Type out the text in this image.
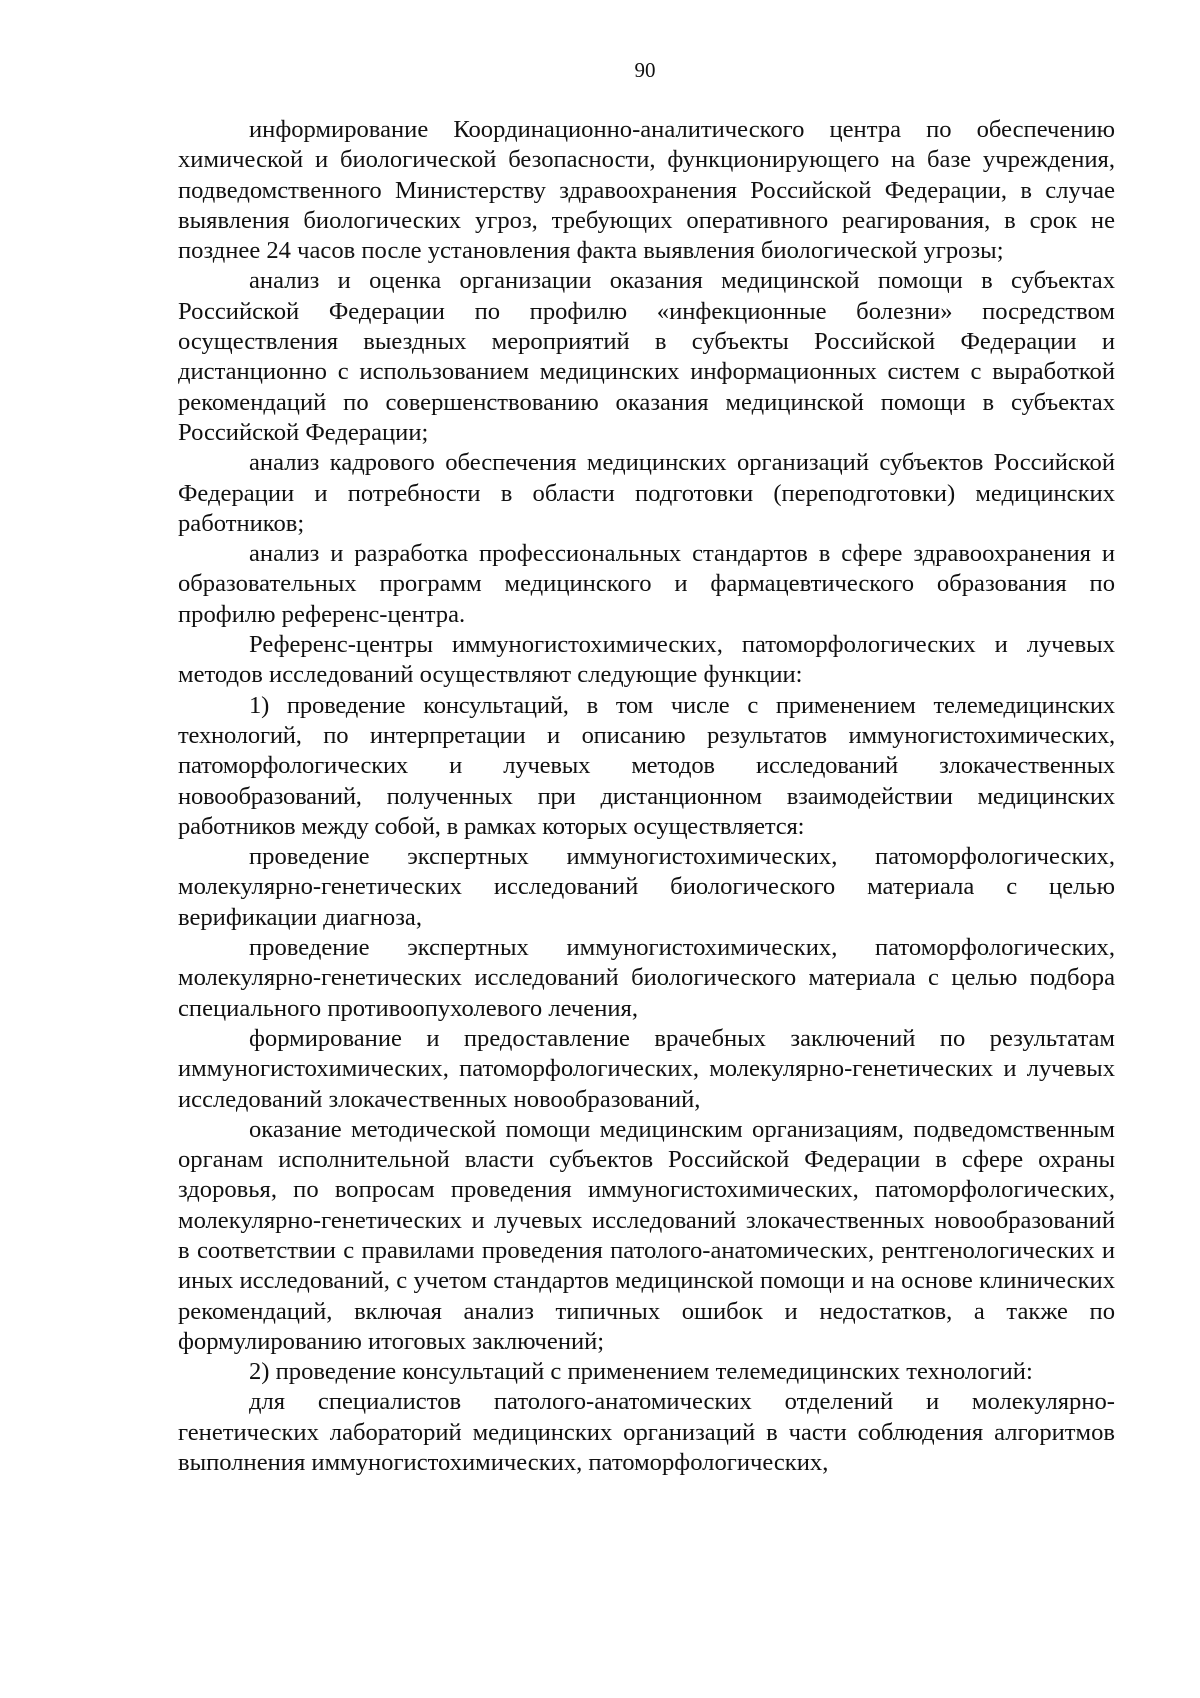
90

информирование Координационно-аналитического центра по обеспечению химической и биологической безопасности, функционирующего на базе учреждения, подведомственного Министерству здравоохранения Российской Федерации, в случае выявления биологических угроз, требующих оперативного реагирования, в срок не позднее 24 часов после установления факта выявления биологической угрозы;

анализ и оценка организации оказания медицинской помощи в субъектах Российской Федерации по профилю «инфекционные болезни» посредством осуществления выездных мероприятий в субъекты Российской Федерации и дистанционно с использованием медицинских информационных систем с выработкой рекомендаций по совершенствованию оказания медицинской помощи в субъектах Российской Федерации;

анализ кадрового обеспечения медицинских организаций субъектов Российской Федерации и потребности в области подготовки (переподготовки) медицинских работников;

анализ и разработка профессиональных стандартов в сфере здравоохранения и образовательных программ медицинского и фармацевтического образования по профилю референс-центра.

Референс-центры иммуногистохимических, патоморфологических и лучевых методов исследований осуществляют следующие функции:

1) проведение консультаций, в том числе с применением телемедицинских технологий, по интерпретации и описанию результатов иммуногистохимических, патоморфологических и лучевых методов исследований злокачественных новообразований, полученных при дистанционном взаимодействии медицинских работников между собой, в рамках которых осуществляется:

проведение экспертных иммуногистохимических, патоморфологических, молекулярно-генетических исследований биологического материала с целью верификации диагноза,

проведение экспертных иммуногистохимических, патоморфологических, молекулярно-генетических исследований биологического материала с целью подбора специального противоопухолевого лечения,

формирование и предоставление врачебных заключений по результатам иммуногистохимических, патоморфологических, молекулярно-генетических и лучевых исследований злокачественных новообразований,

оказание методической помощи медицинским организациям, подведомственным органам исполнительной власти субъектов Российской Федерации в сфере охраны здоровья, по вопросам проведения иммуногистохимических, патоморфологических, молекулярно-генетических и лучевых исследований злокачественных новообразований в соответствии с правилами проведения патолого-анатомических, рентгенологических и иных исследований, с учетом стандартов медицинской помощи и на основе клинических рекомендаций, включая анализ типичных ошибок и недостатков, а также по формулированию итоговых заключений;

2) проведение консультаций с применением телемедицинских технологий:

для специалистов патолого-анатомических отделений и молекулярно-генетических лабораторий медицинских организаций в части соблюдения алгоритмов выполнения иммуногистохимических, патоморфологических,
